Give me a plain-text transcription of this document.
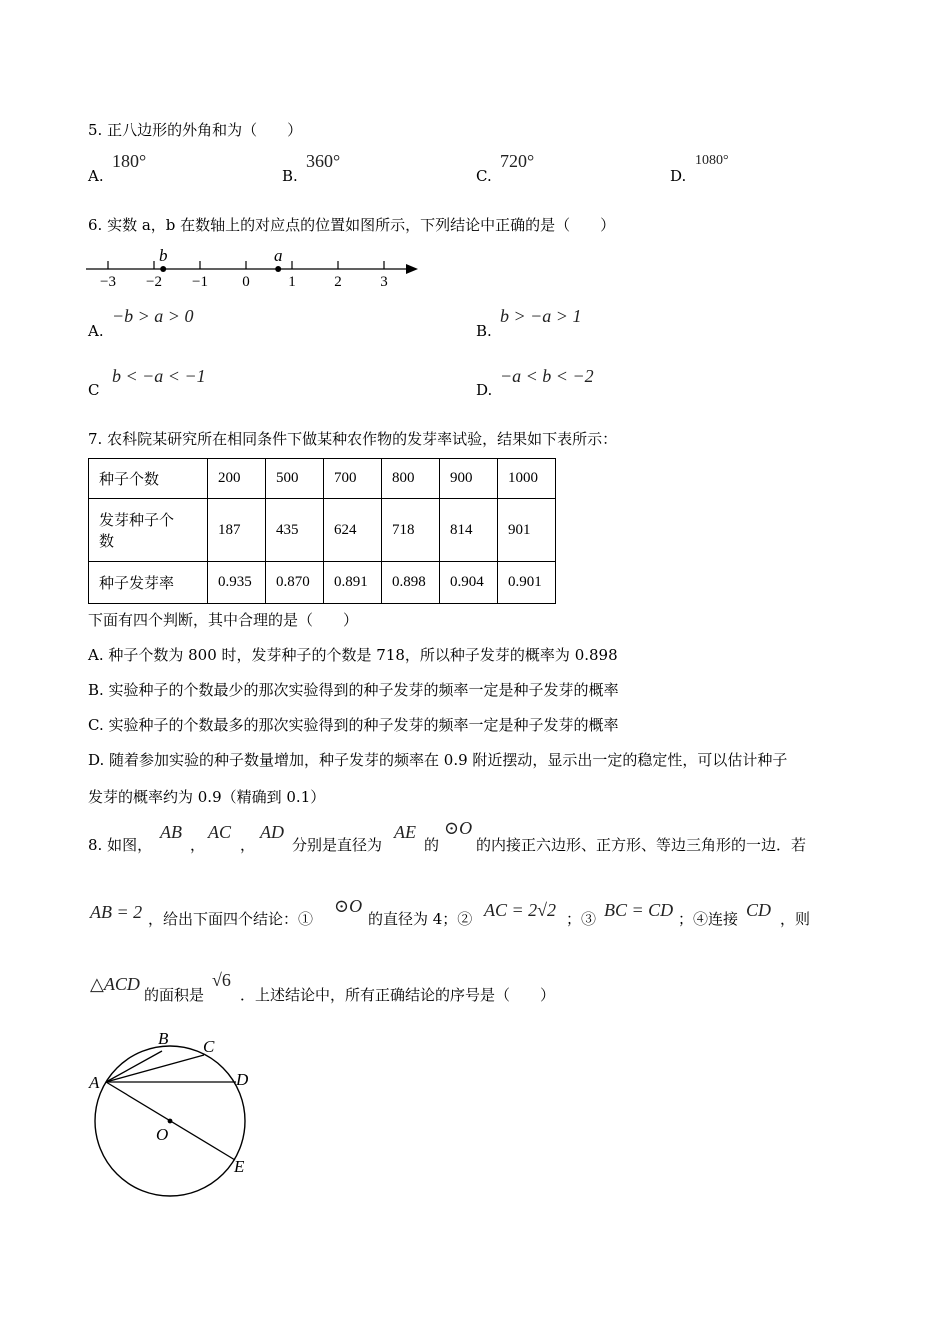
5. 正八边形的外角和为（　　）
A.
180°
B.
360°
C.
720°
D.
1080°
6. 实数 a，b 在数轴上的对应点的位置如图所示，下列结论中正确的是（　　）
−3 −2 −1 0	1	2	3
b	a
A.
−b > a > 0
B.
b > −a > 1
C
b < −a < −1
D.
−a < b < −2
7. 农科院某研究所在相同条件下做某种农作物的发芽率试验，结果如下表所示：
种子个数	200	500	700	800	900	1000
发芽种子个
数	187	435	624	718	814	901
种子发芽率	0.935	0.870	0.891	0.898	0.904	0.901
下面有四个判断，其中合理的是（　　）
A. 种子个数为 800 时，发芽种子的个数是 718，所以种子发芽的概率为 0.898
B. 实验种子的个数最少的那次实验得到的种子发芽的频率一定是种子发芽的概率
C. 实验种子的个数最多的那次实验得到的种子发芽的频率一定是种子发芽的概率
D. 随着参加实验的种子数量增加，种子发芽的频率在 0.9 附近摆动，显示出一定的稳定性，可以估计种子
发芽的概率约为 0.9（精确到 0.1）
8. 如图，
AB
，
AC
，
AD
分别是直径为
AE
的
⊙O
的内接正六边形、正方形、等边三角形的一边．若
AB = 2 ，给出下面四个结论：①
⊙O
的直径为 4；② AC = 2√2 ；③ BC = CD ；④连接 CD ，则
△ACD
的面积是
√6
．上述结论中，所有正确结论的序号是（　　）
A
B C
D
O
E
